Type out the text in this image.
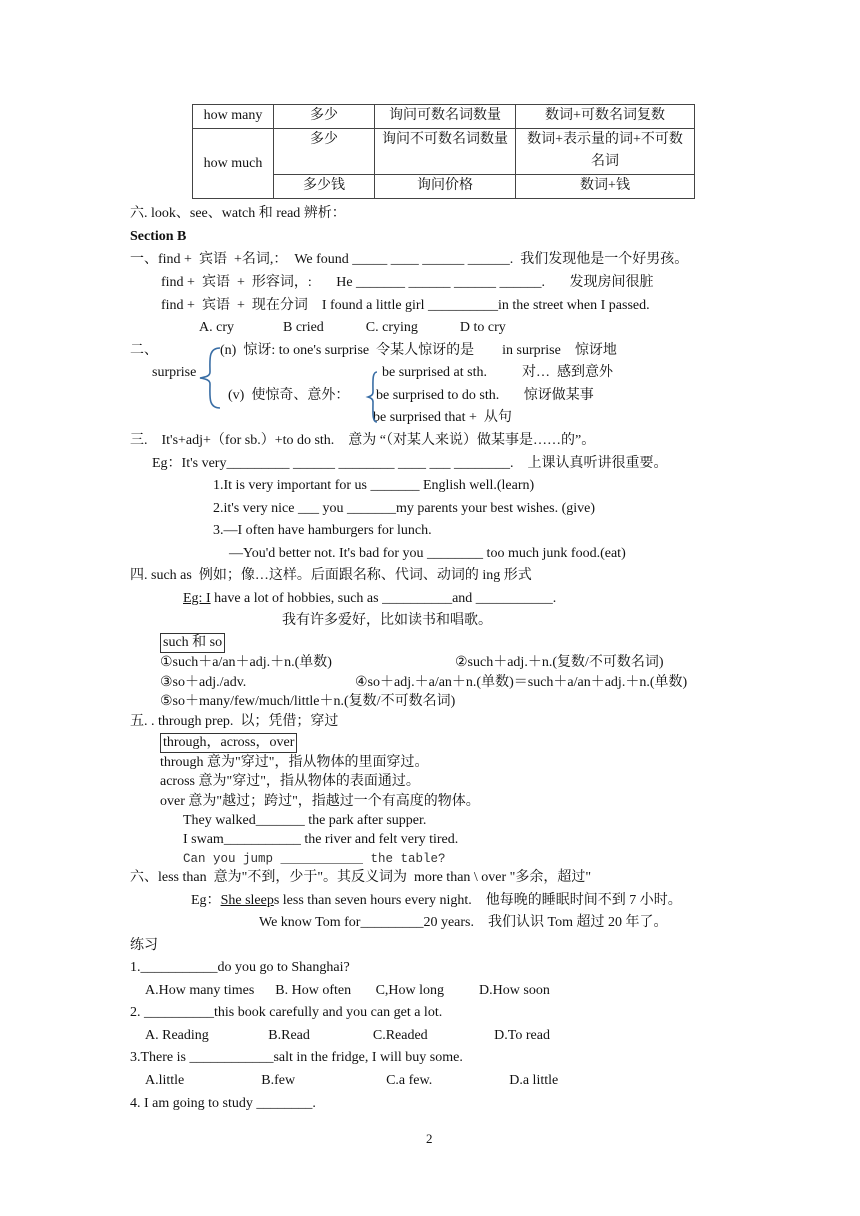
how many	多少	询问可数名词数量	数词+可数名词复数
how much	多少	询问不可数名词数量	数词+表示量的词+不可数
名词

	多少钱	询问价格	数词+钱
六. look、see、watch 和 read 辨析：
Section B
一、find +  宾语  +名词,：  We found _____ ____ ______ ______.  我们发现他是一个好男孩。
find +  宾语  +  形容词，:       He _______ ______ ______ ______.       发现房间很脏
find +  宾语  +  现在分词    I found a little girl __________in the street when I passed.
A. cry              B cried            C. crying            D to cry
二、	(n)  惊讶: to one's surprise  令某人惊讶的是        in surprise    惊讶地
surprise	be surprised at sth.          对…  感到意外
(v)  使惊奇、意外： be surprised to do sth.       惊讶做某事
be surprised that +  从句
三.    It's+adj+（for sb.）+to do sth.    意为 “（对某人来说）做某事是……的”。
Eg：It's very_________ ______ ________ ____ ___ ________.    上课认真听讲很重要。
1.It is very important for us _______ English well.(learn)
2.it's very nice ___ you _______my parents your best wishes. (give)
3.—I often have hamburgers for lunch.
—You'd better not. It's bad for you ________ too much junk food.(eat)
四. such as  例如；像…这样。后面跟名称、代词、动词的 ing 形式
Eg: I have a lot of hobbies, such as __________and ___________.
我有许多爱好，比如读书和唱歌。
such 和 so
①such＋a/an＋adj.＋n.(单数)	②such＋adj.＋n.(复数/不可数名词)
③so＋adj./adv.	④so＋adj.＋a/an＋n.(单数)＝such＋a/an＋adj.＋n.(单数)
⑤so＋many/few/much/little＋n.(复数/不可数名词)
五. . through prep.  以；凭借；穿过
through，across，over
through 意为"穿过"，指从物体的里面穿过。
across 意为"穿过"，指从物体的表面通过。
over 意为"越过；跨过"，指越过一个有高度的物体。
They walked_______ the park after supper.
I swam___________ the river and felt very tired.
Can you jump ___________ the table?
六、less than  意为"不到，少于"。其反义词为  more than \ over "多余，超过"
Eg：She sleeps less than seven hours every night.    他每晚的睡眠时间不到 7 小时。
We know Tom for_________20 years.    我们认识 Tom 超过 20 年了。
练习
1.___________do you go to Shanghai?
A.How many times      B. How often       C,How long          D.How soon
2. __________this book carefully and you can get a lot.
A. Reading                 B.Read                  C.Readed                   D.To read
3.There is ____________salt in the fridge, I will buy some.
A.little                      B.few                          C.a few.                      D.a little
4. I am going to study ________.
2
